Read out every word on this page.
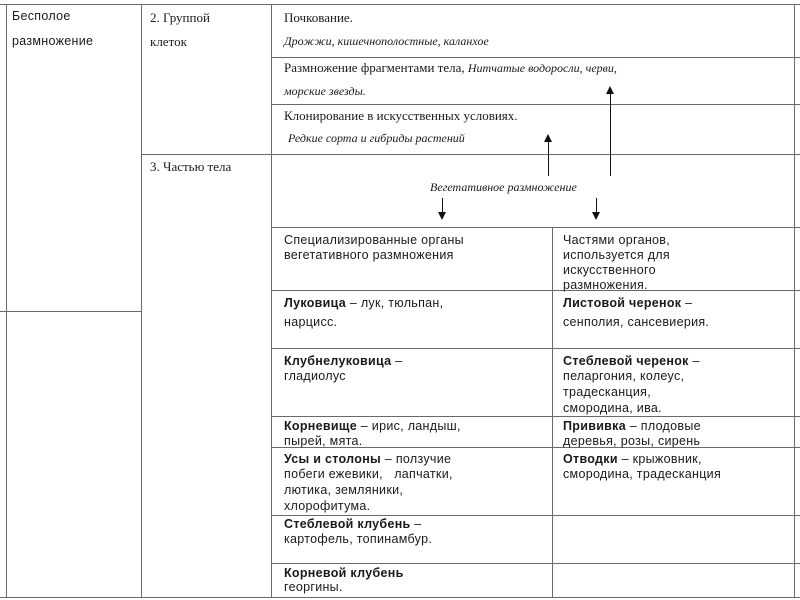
Бесполое
размножение
2. Группой
клеток
3. Частью тела
Почкование.
Дрожжи, кишечнополостные, каланхое
Размножение фрагментами тела, Нитчатые водоросли, черви,
морские звезды.
Клонирование в искусственных условиях.
Редкие сорта и гибриды растений
Вегетативное размножение
Специализированные органы
вегетативного размножения
Частями органов,
используется для
искусственного
размножения.
Луковица – лук, тюльпан,
нарцисс.
Клубнелуковица –
гладиолус
Корневище – ирис, ландыш,
пырей, мята.
Усы и столоны – ползучие
побеги ежевики,   лапчатки,
лютика, земляники,
хлорофитума.
Стеблевой клубень –
картофель, топинамбур.
Корневой клубень
георгины.
Листовой черенок –
сенполия, сансевиерия.
Стеблевой черенок –
пеларгония, колеус,
традесканция,
смородина, ива.
Прививка – плодовые
деревья, розы, сирень
Отводки – крыжовник,
смородина, традесканция
